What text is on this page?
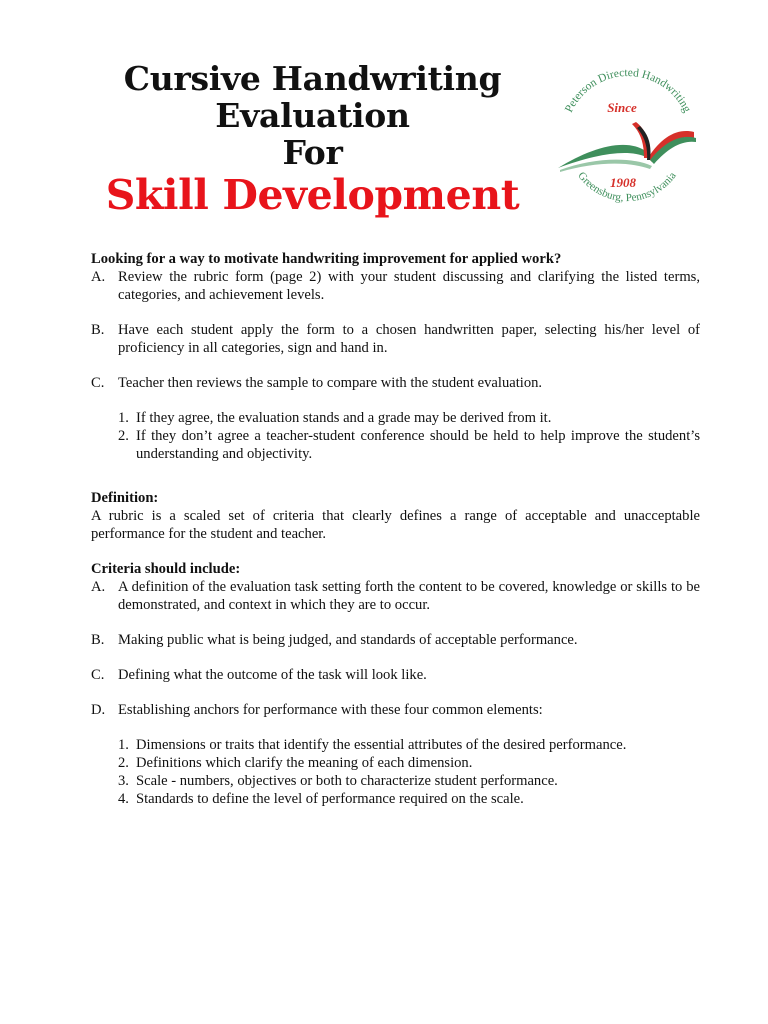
Cursive Handwriting
Evaluation
For
Skill Development
Peterson Directed Handwriting
Greensburg, Pennsylvania
Since
1908
Looking for a way to motivate handwriting improvement for applied work?
A. Review the rubric form (page 2) with your student discussing and clarifying the listed terms, categories, and achievement levels.
B. Have each student apply the form to a chosen handwritten paper, selecting his/her level of proficiency in all categories, sign and hand in.
C. Teacher then reviews the sample to compare with the student evaluation.
1. If they agree, the evaluation stands and a grade may be derived from it.
2. If they don’t agree a teacher-student conference should be held to help improve the student’s understanding and objectivity.
Definition:
A rubric is a scaled set of criteria that clearly defines a range of acceptable and unacceptable performance for the student and teacher.
Criteria should include:
A. A definition of the evaluation task setting forth the content to be covered, knowledge or skills to be demonstrated, and context in which they are to occur.
B. Making public what is being judged, and standards of acceptable performance.
C. Defining what the outcome of the task will look like.
D. Establishing anchors for performance with these four common elements:
1. Dimensions or traits that identify the essential attributes of the desired performance.
2. Definitions which clarify the meaning of each dimension.
3. Scale - numbers, objectives or both to characterize student performance.
4. Standards to define the level of performance required on the scale.
